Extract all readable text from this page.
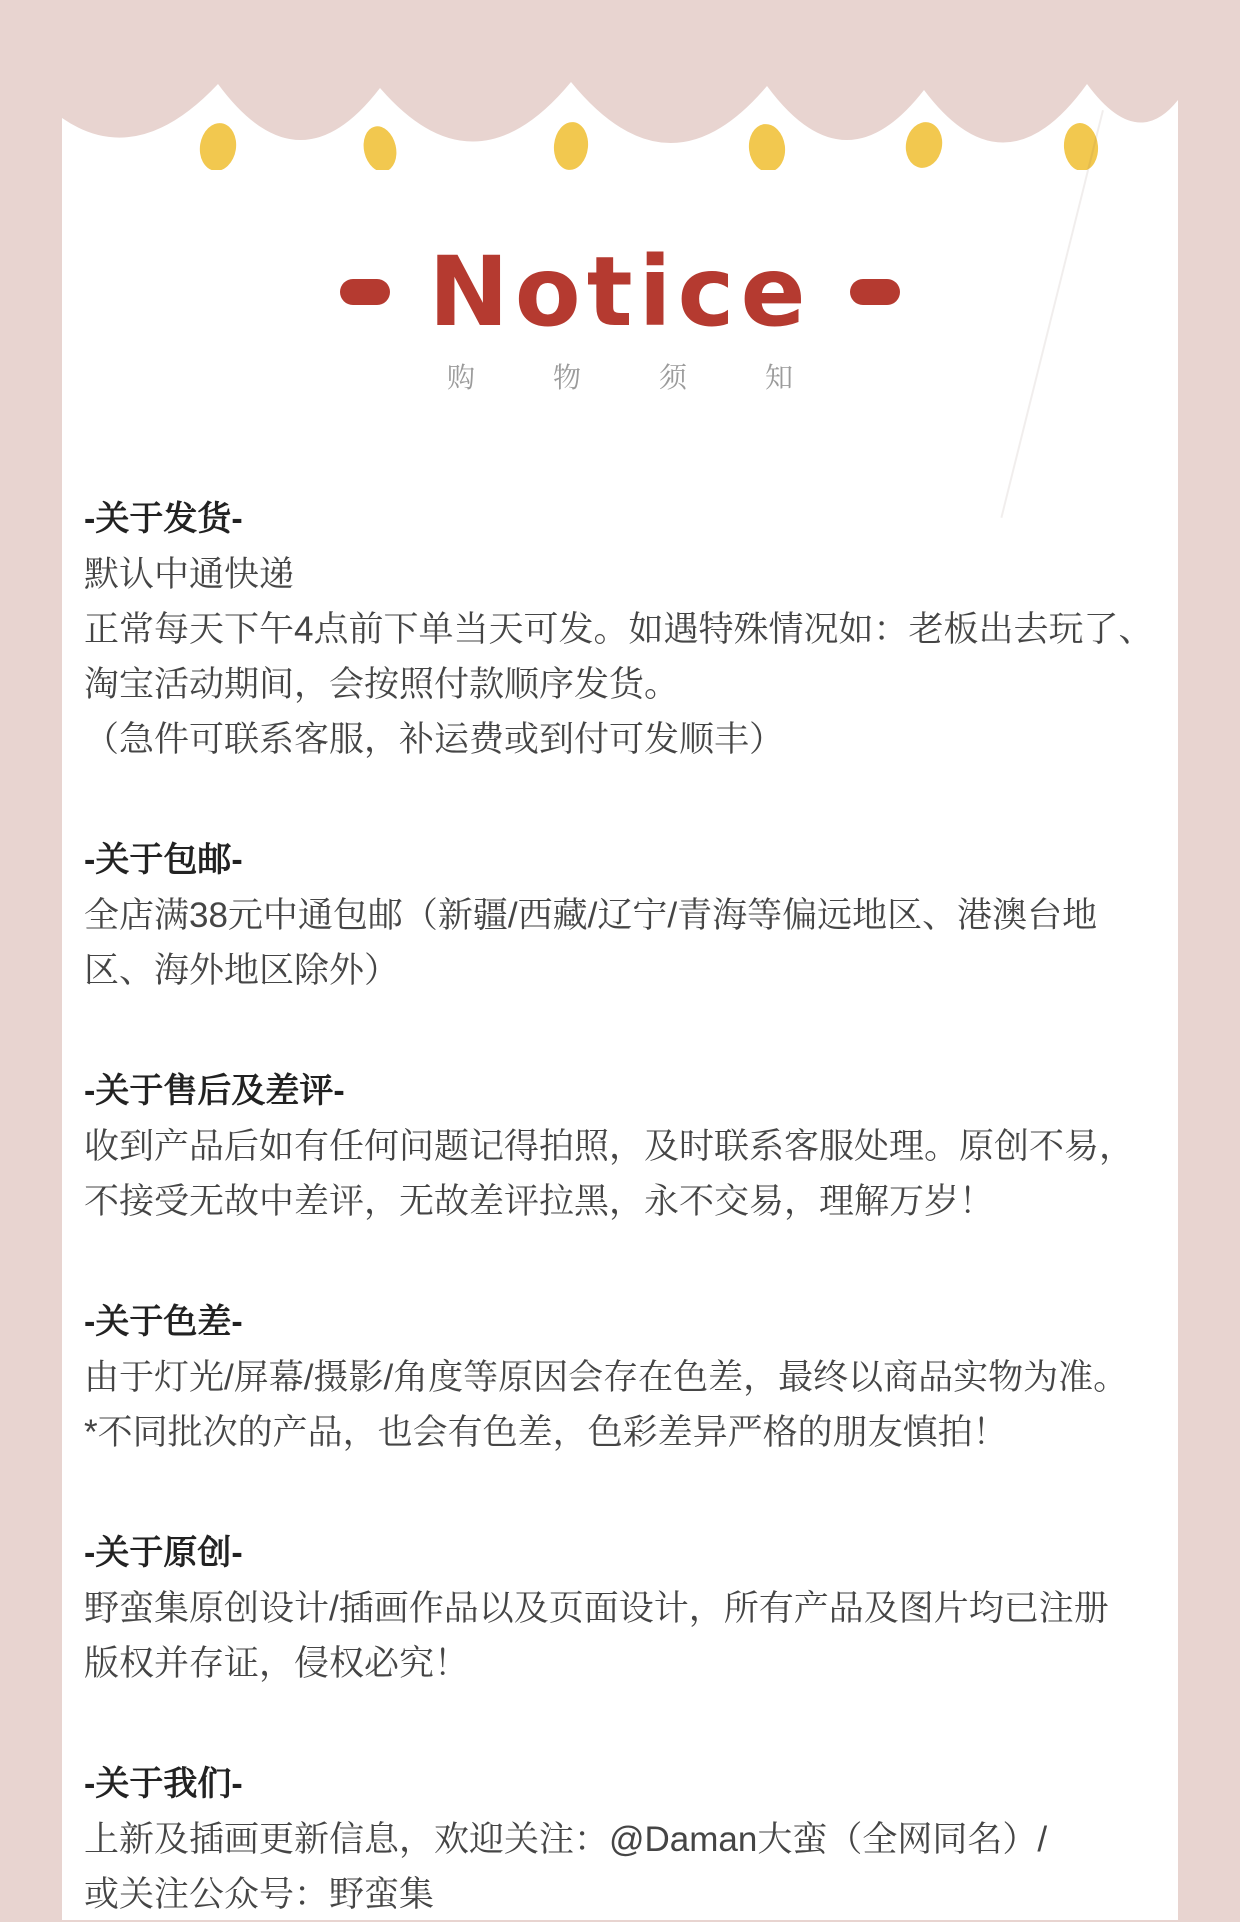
Notice
购物须知
-关于发货-

默认中通快递

正常每天下午4点前下单当天可发。如遇特殊情况如：老板出去玩了、

淘宝活动期间，会按照付款顺序发货。

（急件可联系客服，补运费或到付可发顺丰）

-关于包邮-

全店满38元中通包邮（新疆/西藏/辽宁/青海等偏远地区、港澳台地

区、海外地区除外）

-关于售后及差评-

收到产品后如有任何问题记得拍照，及时联系客服处理。原创不易，

不接受无故中差评，无故差评拉黑，永不交易，理解万岁！

-关于色差-

由于灯光/屏幕/摄影/角度等原因会存在色差，最终以商品实物为准。

*不同批次的产品，也会有色差，色彩差异严格的朋友慎拍！

-关于原创-

野蛮集原创设计/插画作品以及页面设计，所有产品及图片均已注册

版权并存证，侵权必究！

-关于我们-

上新及插画更新信息，欢迎关注：@Daman大蛮（全网同名）/

或关注公众号：野蛮集
